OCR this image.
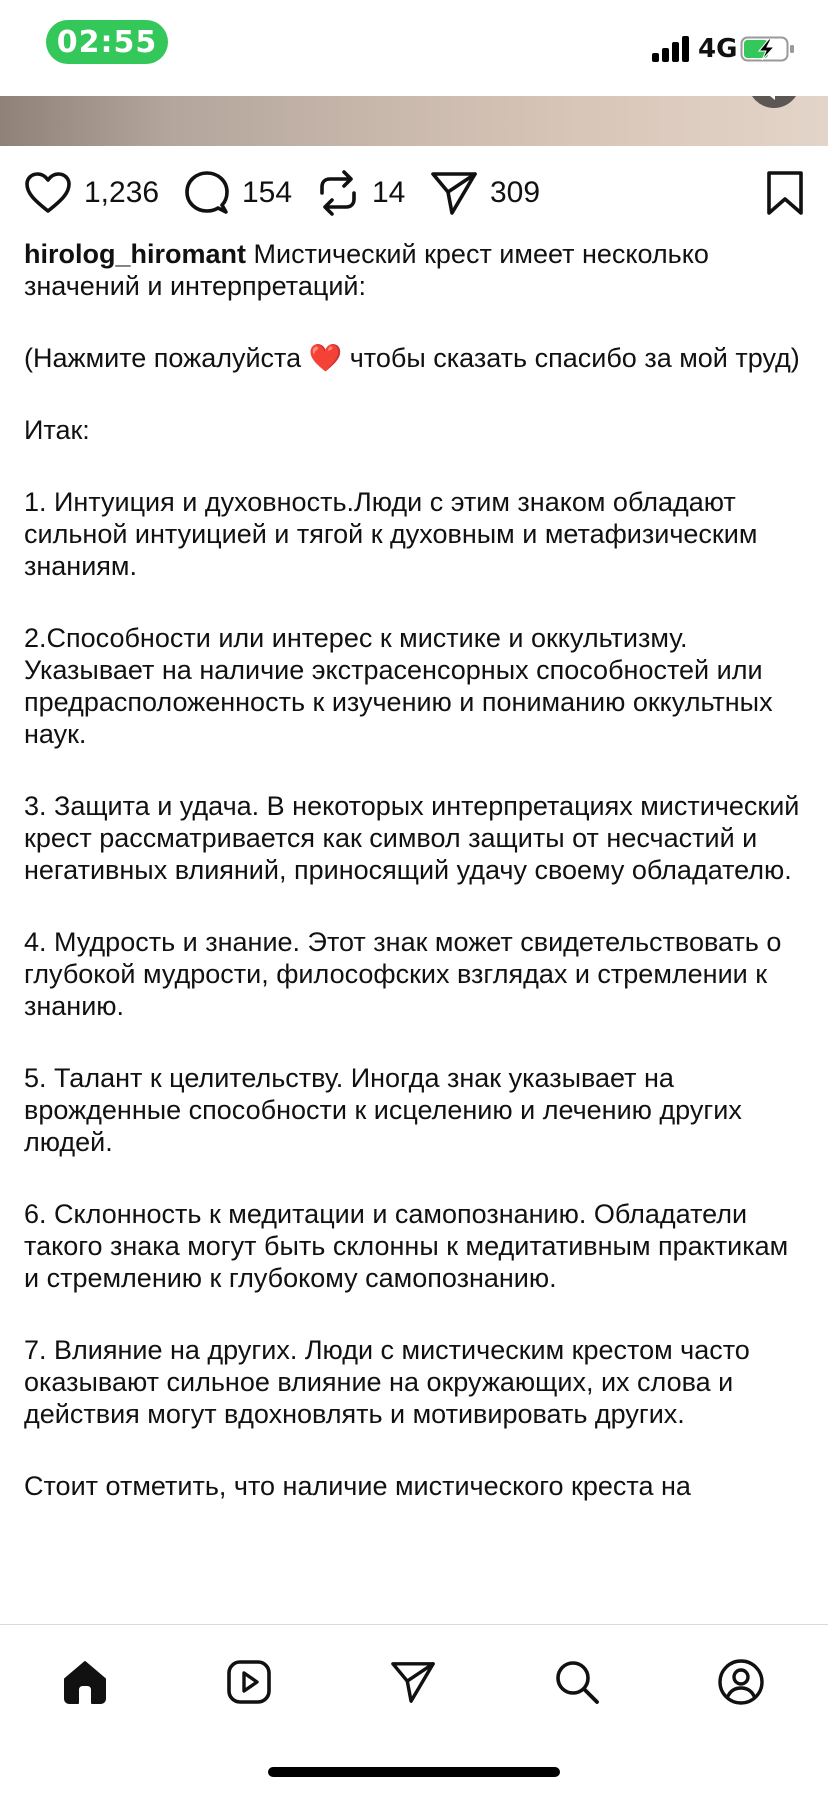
02:55	4G
1,236	154	14	309

hirolog_hiromant Мистический крест имеет несколько значений и интерпретаций:

(Нажмите пожалуйста ❤️ чтобы сказать спасибо за мой труд)

Итак:

1. Интуиция и духовность.Люди с этим знаком обладают сильной интуицией и тягой к духовным и метафизическим знаниям.

2.Способности или интерес к мистике и оккультизму. Указывает на наличие экстрасенсорных способностей или предрасположенность к изучению и пониманию оккультных наук.

3. Защита и удача. В некоторых интерпретациях мистический крест рассматривается как символ защиты от несчастий и негативных влияний, приносящий удачу своему обладателю.

4. Мудрость и знание. Этот знак может свидетельствовать о глубокой мудрости, философских взглядах и стремлении к знанию.

5. Талант к целительству. Иногда знак указывает на врожденные способности к исцелению и лечению других людей.

6. Склонность к медитации и самопознанию. Обладатели такого знака могут быть склонны к медитативным практикам и стремлению к глубокому самопознанию.

7. Влияние на других. Люди с мистическим крестом часто оказывают сильное влияние на окружающих, их слова и действия могут вдохновлять и мотивировать других.

Стоит отметить, что наличие мистического креста на
